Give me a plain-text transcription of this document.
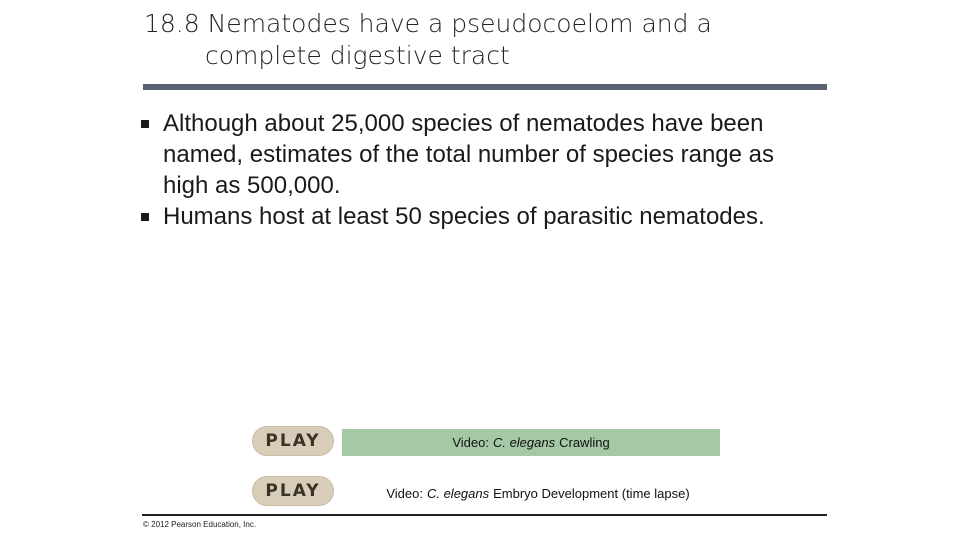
18.8 Nematodes have a pseudocoelom and a
complete digestive tract
Although about 25,000 species of nematodes have been named, estimates of the total number of species range as high as 500,000.
Humans host at least 50 species of parasitic nematodes.
PLAY	Video: C. elegans Crawling
PLAY	Video: C. elegans Embryo Development (time lapse)
© 2012 Pearson Education, Inc.
